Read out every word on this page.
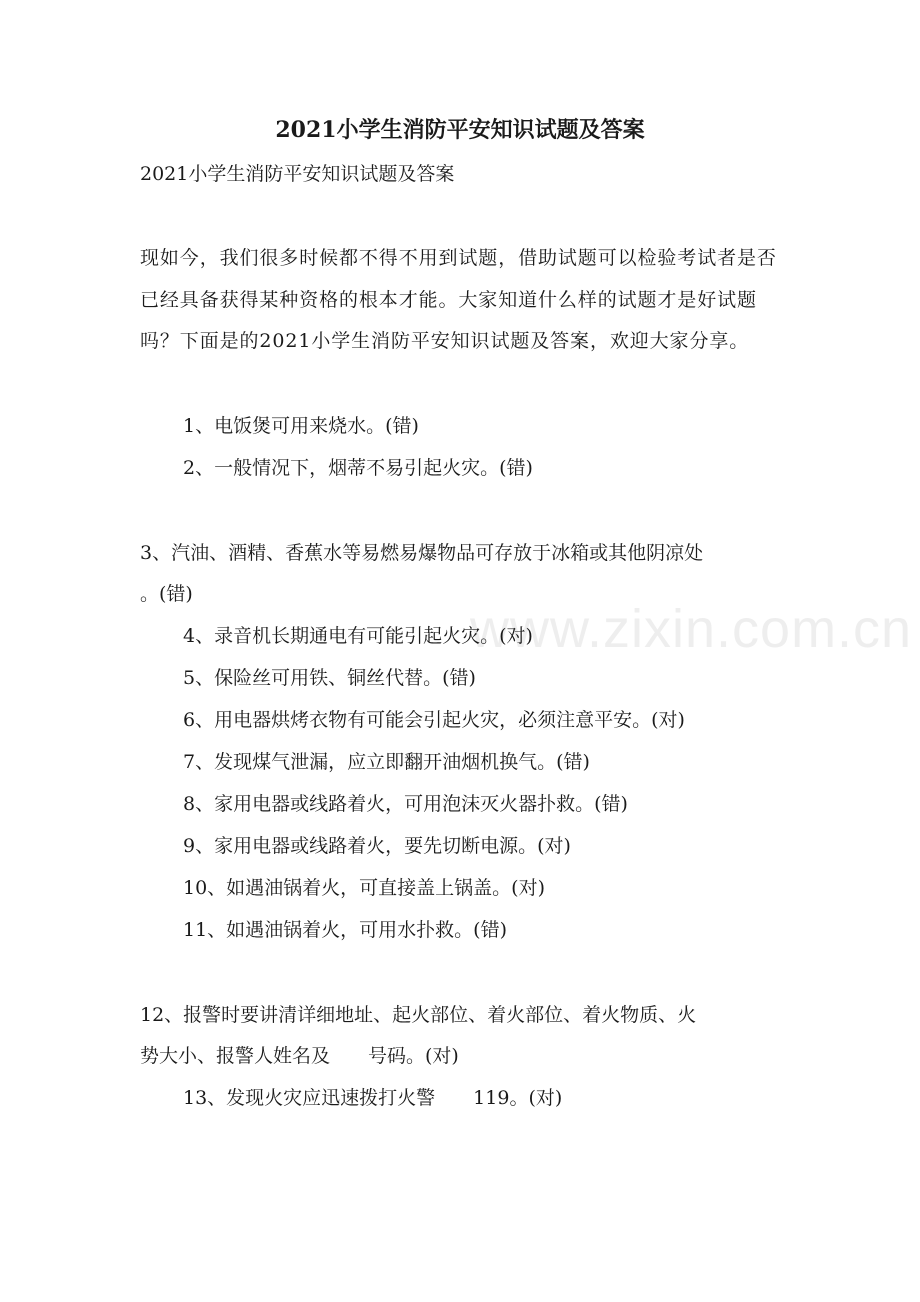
www.zixin.com.cn
2021小学生消防平安知识试题及答案
2021小学生消防平安知识试题及答案
现如今，我们很多时候都不得不用到试题，借助试题可以检验考试者是否已经具备获得某种资格的根本才能。大家知道什么样的试题才是好试题吗？下面是的2021小学生消防平安知识试题及答案，欢迎大家分享。
1、电饭煲可用来烧水。(错)
2、一般情况下，烟蒂不易引起火灾。(错)
3、汽油、酒精、香蕉水等易燃易爆物品可存放于冰箱或其他阴凉处
。(错)
4、录音机长期通电有可能引起火灾。(对)
5、保险丝可用铁、铜丝代替。(错)
6、用电器烘烤衣物有可能会引起火灾，必须注意平安。(对)
7、发现煤气泄漏，应立即翻开油烟机换气。(错)
8、家用电器或线路着火，可用泡沫灭火器扑救。(错)
9、家用电器或线路着火，要先切断电源。(对)
10、如遇油锅着火，可直接盖上锅盖。(对)
11、如遇油锅着火，可用水扑救。(错)
12、报警时要讲清详细地址、起火部位、着火部位、着火物质、火
势大小、报警人姓名及　　号码。(对)
13、发现火灾应迅速拨打火警　　119。(对)
